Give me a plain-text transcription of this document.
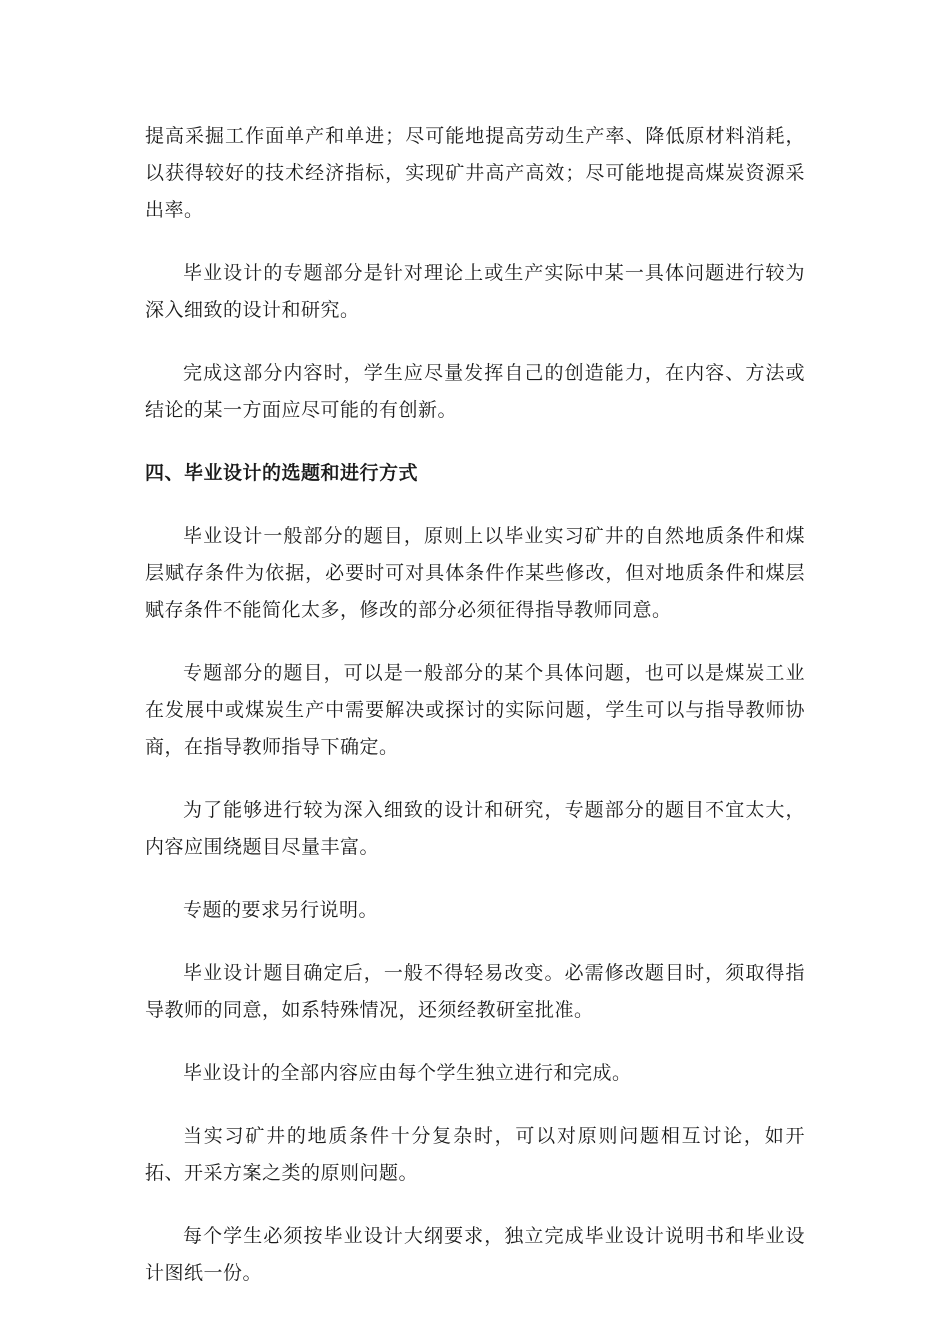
提高采掘工作面单产和单进；尽可能地提高劳动生产率、降低原材料消耗，以获得较好的技术经济指标，实现矿井高产高效；尽可能地提高煤炭资源采出率。

毕业设计的专题部分是针对理论上或生产实际中某一具体问题进行较为深入细致的设计和研究。

完成这部分内容时，学生应尽量发挥自己的创造能力，在内容、方法或结论的某一方面应尽可能的有创新。

四、毕业设计的选题和进行方式

毕业设计一般部分的题目，原则上以毕业实习矿井的自然地质条件和煤层赋存条件为依据，必要时可对具体条件作某些修改，但对地质条件和煤层赋存条件不能简化太多，修改的部分必须征得指导教师同意。

专题部分的题目，可以是一般部分的某个具体问题，也可以是煤炭工业在发展中或煤炭生产中需要解决或探讨的实际问题，学生可以与指导教师协商，在指导教师指导下确定。

为了能够进行较为深入细致的设计和研究，专题部分的题目不宜太大，内容应围绕题目尽量丰富。

专题的要求另行说明。

毕业设计题目确定后，一般不得轻易改变。必需修改题目时，须取得指导教师的同意，如系特殊情况，还须经教研室批准。

毕业设计的全部内容应由每个学生独立进行和完成。

当实习矿井的地质条件十分复杂时，可以对原则问题相互讨论，如开拓、开采方案之类的原则问题。

每个学生必须按毕业设计大纲要求，独立完成毕业设计说明书和毕业设计图纸一份。
